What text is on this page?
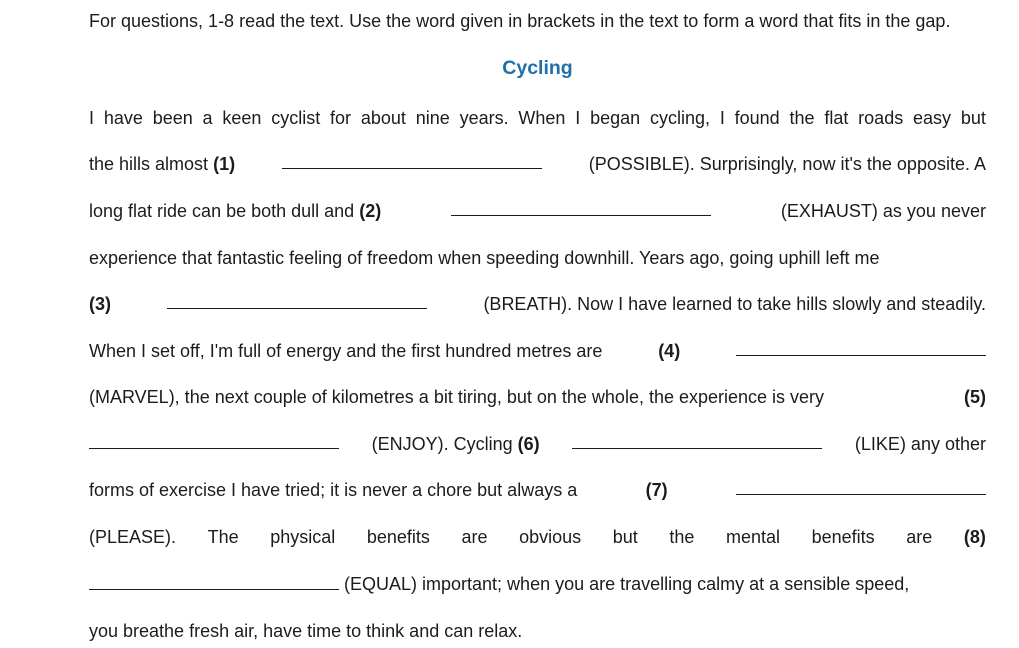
For questions, 1-8 read the text. Use the word given in brackets in the text to form a word that fits in the gap.
Cycling
I have been a keen cyclist for about nine years. When I began cycling, I found the flat roads easy but
the hills almost (1)	(POSSIBLE). Surprisingly, now it's the opposite. A
long flat ride can be both dull and (2)	(EXHAUST) as you never
experience that fantastic feeling of freedom when speeding downhill. Years ago, going uphill left me
(3)	(BREATH). Now I have learned to take hills slowly and steadily.
When I set off, I'm full of energy and the first hundred metres are	(4)
(MARVEL), the next couple of kilometres a bit tiring, but on the whole, the experience is very	(5)
(ENJOY). Cycling (6)	(LIKE) any other
forms of exercise I have tried; it is never a chore but always a	(7)
(PLEASE). The physical benefits are obvious but the mental benefits are (8)
(EQUAL) important; when you are travelling calmy at a sensible speed,
you breathe fresh air, have time to think and can relax.
